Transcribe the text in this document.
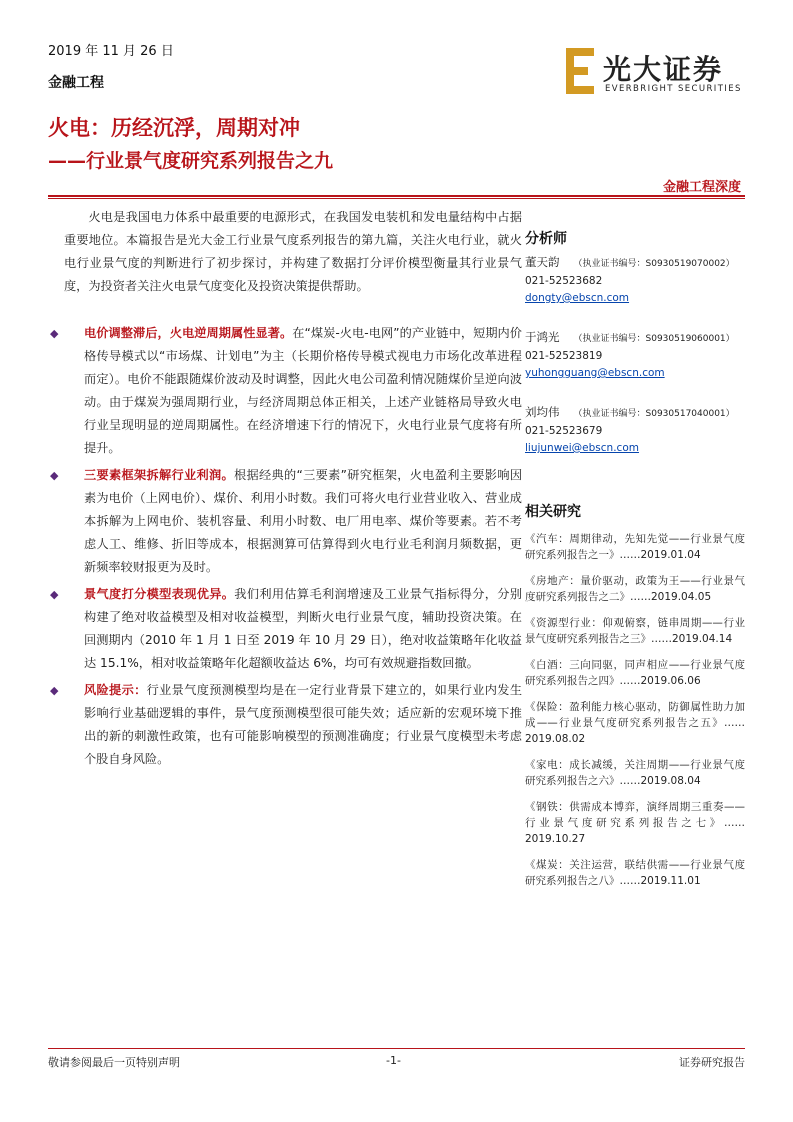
2019 年 11 月 26 日
金融工程	光大证券
EVERBRIGHT SECURITIES
火电：历经沉浮，周期对冲
——行业景气度研究系列报告之九
金融工程深度

火电是我国电力体系中最重要的电源形式，在我国发电装机和发电量结构中占据重要地位。本篇报告是光大金工行业景气度系列报告的第九篇，关注火电行业，就火电行业景气度的判断进行了初步探讨，并构建了数据打分评价模型衡量其行业景气度，为投资者关注火电景气度变化及投资决策提供帮助。

◆ 电价调整滞后，火电逆周期属性显著。在“煤炭-火电-电网”的产业链中，短期内价格传导模式以“市场煤、计划电”为主（长期价格传导模式视电力市场化改革进程而定）。电价不能跟随煤价波动及时调整，因此火电公司盈利情况随煤价呈逆向波动。由于煤炭为强周期行业，与经济周期总体正相关，上述产业链格局导致火电行业呈现明显的逆周期属性。在经济增速下行的情况下，火电行业景气度将有所提升。
◆ 三要素框架拆解行业利润。根据经典的“三要素”研究框架，火电盈利主要影响因素为电价（上网电价）、煤价、利用小时数。我们可将火电行业营业收入、营业成本拆解为上网电价、装机容量、利用小时数、电厂用电率、煤价等要素。若不考虑人工、维修、折旧等成本，根据测算可估算得到火电行业毛利润月频数据，更新频率较财报更为及时。
◆ 景气度打分模型表现优异。我们利用估算毛利润增速及工业景气指标得分，分别构建了绝对收益模型及相对收益模型，判断火电行业景气度，辅助投资决策。在回测期内（2010 年 1 月 1 日至 2019 年 10 月 29 日），绝对收益策略年化收益达 15.1%，相对收益策略年化超额收益达 6%，均可有效规避指数回撤。
◆ 风险提示：行业景气度预测模型均是在一定行业背景下建立的，如果行业内发生影响行业基础逻辑的事件，景气度预测模型很可能失效；适应新的宏观环境下推出的新的刺激性政策，也有可能影响模型的预测准确度；行业景气度模型未考虑个股自身风险。
分析师
董天韵 （执业证书编号：S0930519070002）
021-52523682
dongty@ebscn.com
于鸿光 （执业证书编号：S0930519060001）
021-52523819
yuhongguang@ebscn.com
刘均伟 （执业证书编号：S0930517040001）
021-52523679
liujunwei@ebscn.com
相关研究
《汽车：周期律动，先知先觉——行业景气度研究系列报告之一》……2019.01.04
《房地产：量价驱动，政策为王——行业景气度研究系列报告之二》……2019.04.05
《资源型行业：仰观俯察，链串周期——行业景气度研究系列报告之三》……2019.04.14
《白酒：三向同驱，同声相应——行业景气度研究系列报告之四》……2019.06.06
《保险：盈利能力核心驱动，防御属性助力加成——行业景气度研究系列报告之五》……2019.08.02
《家电：成长减缓，关注周期——行业景气度研究系列报告之六》……2019.08.04
《钢铁：供需成本博弈，演绎周期三重奏——行业景气度研究系列报告之七》……2019.10.27
《煤炭：关注运营，联结供需——行业景气度研究系列报告之八》……2019.11.01
敬请参阅最后一页特别声明	-1-	证券研究报告
